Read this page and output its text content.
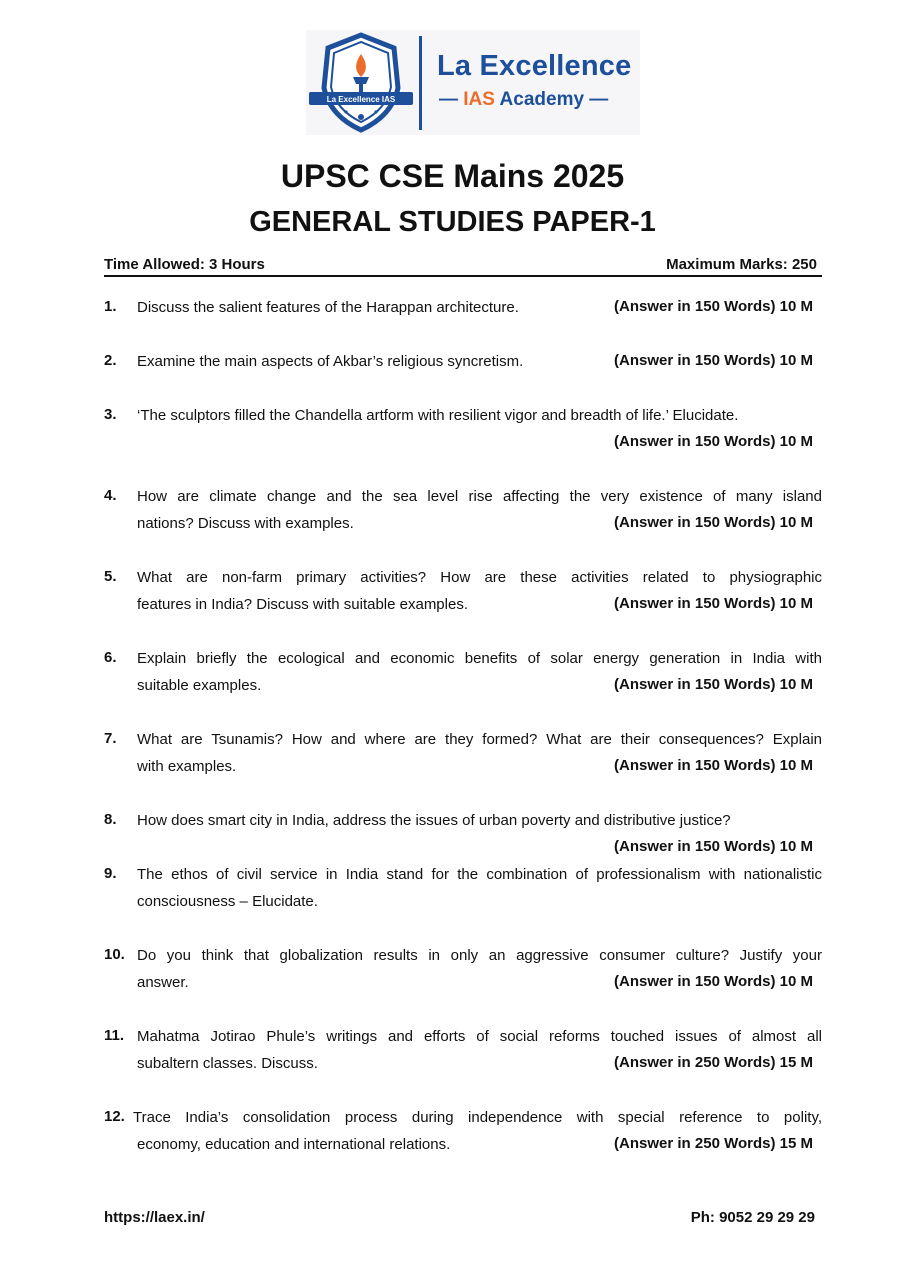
La Excellence IAS
La Excellence
— IAS Academy —
UPSC CSE Mains 2025
GENERAL STUDIES PAPER-1
Time Allowed: 3 Hours	Maximum Marks: 250
1. Discuss the salient features of the Harappan architecture.	(Answer in 150 Words) 10 M
2. Examine the main aspects of Akbar’s religious syncretism.	(Answer in 150 Words) 10 M
3. ‘The sculptors filled the Chandella artform with resilient vigor and breadth of life.’ Elucidate.
(Answer in 150 Words) 10 M
4. How are climate change and the sea level rise affecting the very existence of many island
nations? Discuss with examples.	(Answer in 150 Words) 10 M
5. What are non-farm primary activities? How are these activities related to physiographic
features in India? Discuss with suitable examples.	(Answer in 150 Words) 10 M
6. Explain briefly the ecological and economic benefits of solar energy generation in India with
suitable examples.	(Answer in 150 Words) 10 M
7. What are Tsunamis? How and where are they formed? What are their consequences? Explain
with examples.	(Answer in 150 Words) 10 M
8. How does smart city in India, address the issues of urban poverty and distributive justice?
(Answer in 150 Words) 10 M
9. The ethos of civil service in India stand for the combination of professionalism with nationalistic
consciousness – Elucidate.
10. Do you think that globalization results in only an aggressive consumer culture? Justify your
answer.	(Answer in 150 Words) 10 M
11. Mahatma Jotirao Phule’s writings and efforts of social reforms touched issues of almost all
subaltern classes. Discuss.	(Answer in 250 Words) 15 M
12. Trace India’s consolidation process during independence with special reference to polity,
economy, education and international relations.	(Answer in 250 Words) 15 M
https://laex.in/	Ph: 9052 29 29 29
